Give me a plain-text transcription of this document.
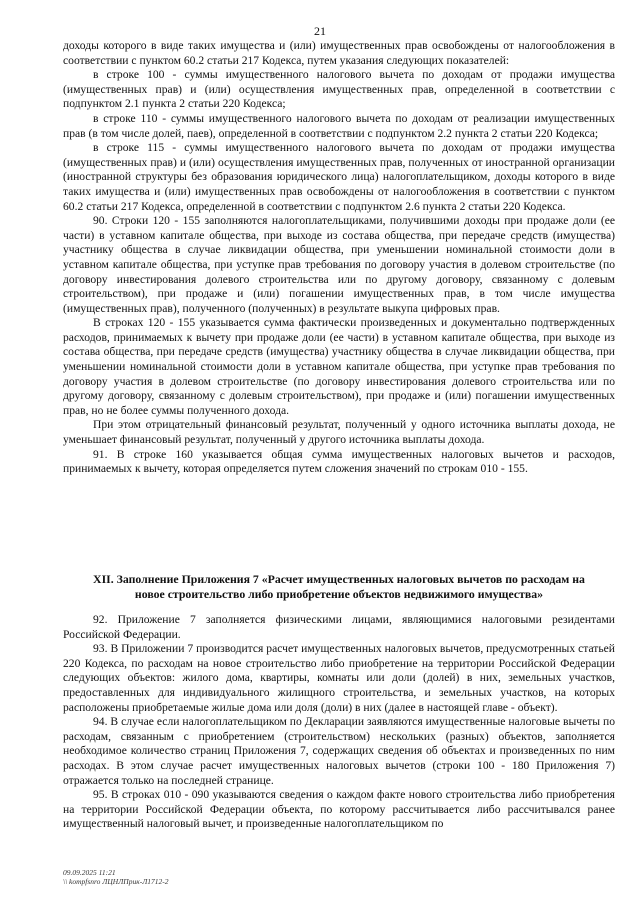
21

доходы которого в виде таких имущества и (или) имущественных прав освобождены от налогообложения в соответствии с пунктом 60.2 статьи 217 Кодекса, путем указания следующих показателей:

в строке 100 - суммы имущественного налогового вычета по доходам от продажи имущества (имущественных прав) и (или) осуществления имущественных прав, определенной в соответствии с подпунктом 2.1 пункта 2 статьи 220 Кодекса;

в строке 110 - суммы имущественного налогового вычета по доходам от реализации имущественных прав (в том числе долей, паев), определенной в соответствии с подпунктом 2.2 пункта 2 статьи 220 Кодекса;

в строке 115 - суммы имущественного налогового вычета по доходам от продажи имущества (имущественных прав) и (или) осуществления имущественных прав, полученных от иностранной организации (иностранной структуры без образования юридического лица) налогоплательщиком, доходы которого в виде таких имущества и (или) имущественных прав освобождены от налогообложения в соответствии с пунктом 60.2 статьи 217 Кодекса, определенной в соответствии с подпунктом 2.6 пункта 2 статьи 220 Кодекса.

90. Строки 120 - 155 заполняются налогоплательщиками, получившими доходы при продаже доли (ее части) в уставном капитале общества, при выходе из состава общества, при передаче средств (имущества) участнику общества в случае ликвидации общества, при уменьшении номинальной стоимости доли в уставном капитале общества, при уступке прав требования по договору участия в долевом строительстве (по договору инвестирования долевого строительства или по другому договору, связанному с долевым строительством), при продаже и (или) погашении имущественных прав, в том числе имущества (имущественных прав), полученного (полученных) в результате выкупа цифровых прав.

В строках 120 - 155 указывается сумма фактически произведенных и документально подтвержденных расходов, принимаемых к вычету при продаже доли (ее части) в уставном капитале общества, при выходе из состава общества, при передаче средств (имущества) участнику общества в случае ликвидации общества, при уменьшении номинальной стоимости доли в уставном капитале общества, при уступке прав требования по договору участия в долевом строительстве (по договору инвестирования долевого строительства или по другому договору, связанному с долевым строительством), при продаже и (или) погашении имущественных прав, но не более суммы полученного дохода.

При этом отрицательный финансовый результат, полученный у одного источника выплаты дохода, не уменьшает финансовый результат, полученный у другого источника выплаты дохода.

91. В строке 160 указывается общая сумма имущественных налоговых вычетов и расходов, принимаемых к вычету, которая определяется путем сложения значений по строкам 010 - 155.

XII. Заполнение Приложения 7 «Расчет имущественных налоговых вычетов по расходам на новое строительство либо приобретение объектов недвижимого имущества»

92. Приложение 7 заполняется физическими лицами, являющимися налоговыми резидентами Российской Федерации.

93. В Приложении 7 производится расчет имущественных налоговых вычетов, предусмотренных статьей 220 Кодекса, по расходам на новое строительство либо приобретение на территории Российской Федерации следующих объектов: жилого дома, квартиры, комнаты или доли (долей) в них, земельных участков, предоставленных для индивидуального жилищного строительства, и земельных участков, на которых расположены приобретаемые жилые дома или доля (доли) в них (далее в настоящей главе - объект).

94. В случае если налогоплательщиком по Декларации заявляются имущественные налоговые вычеты по расходам, связанным с приобретением (строительством) нескольких (разных) объектов, заполняется необходимое количество страниц Приложения 7, содержащих сведения об объектах и произведенных по ним расходах. В этом случае расчет имущественных налоговых вычетов (строки 100 - 180 Приложения 7) отражается только на последней странице.

95. В строках 010 - 090 указываются сведения о каждом факте нового строительства либо приобретения на территории Российской Федерации объекта, по которому рассчитывается либо рассчитывался ранее имущественный налоговый вычет, и произведенные налогоплательщиком по

09.09.2025 11:21
\\ kompfsnro ЛЦНЛПрик-Л1712-2
